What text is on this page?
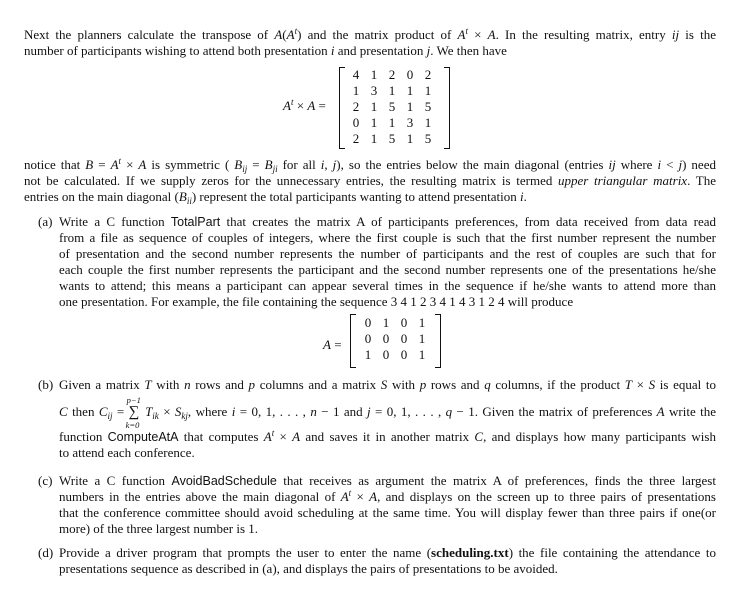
Next the planners calculate the transpose of $A(A^t)$ and the matrix product of $A^t \times A$. In the resulting matrix, entry ij is the
number of participants wishing to attend both presentation i and presentation j. We then have
$A^t \times A$ =
4 1 2 0 2
1 3 1 1 1
2 1 5 1 5
0 1 1 3 1
2 1 5 1 5
notice that $B = A^t \times A$ is symmetric ( $B_{ij} = B_{ji}$ for all i, j), so the entries below the main diagonal (entries ij where i < j) need
not be calculated. If we supply zeros for the unnecessary entries, the resulting matrix is termed upper triangular matrix. The
entries on the main diagonal $(B_{ii})$ represent the total participants wanting to attend presentation i.
(a) Write a C function TotalPart that creates the matrix A of participants preferences, from data received from data read
from a file as sequence of couples of integers, where the first couple is such that the first number represent the number
of presentation and the second number represents the number of participants and the rest of couples are such that for
each couple the first number represents the participant and the second number represents one of the presentations he/she
wants to attend; this means a participant can appear several times in the sequence if he/she wants to attend more than
one presentation. For example, the file containing the sequence 3 4 1 2 3 4 1 4 3 1 2 4 will produce
A =
0 1 0 1
0 0 0 1
1 0 0 1
(b) Given a matrix T with n rows and p columns and a matrix S with p rows and q columns, if the product T × S is equal to
C then $C_{ij}$ =
p−1
∑
k=0
$T_{ik} \times S_{kj}$, where i = 0, 1, . . . , n − 1 and j = 0, 1, . . . , q − 1. Given the matrix of preferences A write the
function ComputeAtA that computes $A^t \times A$ and saves it in another matrix C, and displays how many participants wish
to attend each conference.
(c) Write a C function AvoidBadSchedule that receives as argument the matrix A of preferences, finds the three largest
numbers in the entries above the main diagonal of $A^t \times A$, and displays on the screen up to three pairs of presentations
that the conference committee should avoid scheduling at the same time. You will display fewer than three pairs if one(or
more) of the three largest number is 1.
(d) Provide a driver program that prompts the user to enter the name (scheduling.txt) the file containing the attendance to
presentations sequence as described in (a), and displays the pairs of presentations to be avoided.
